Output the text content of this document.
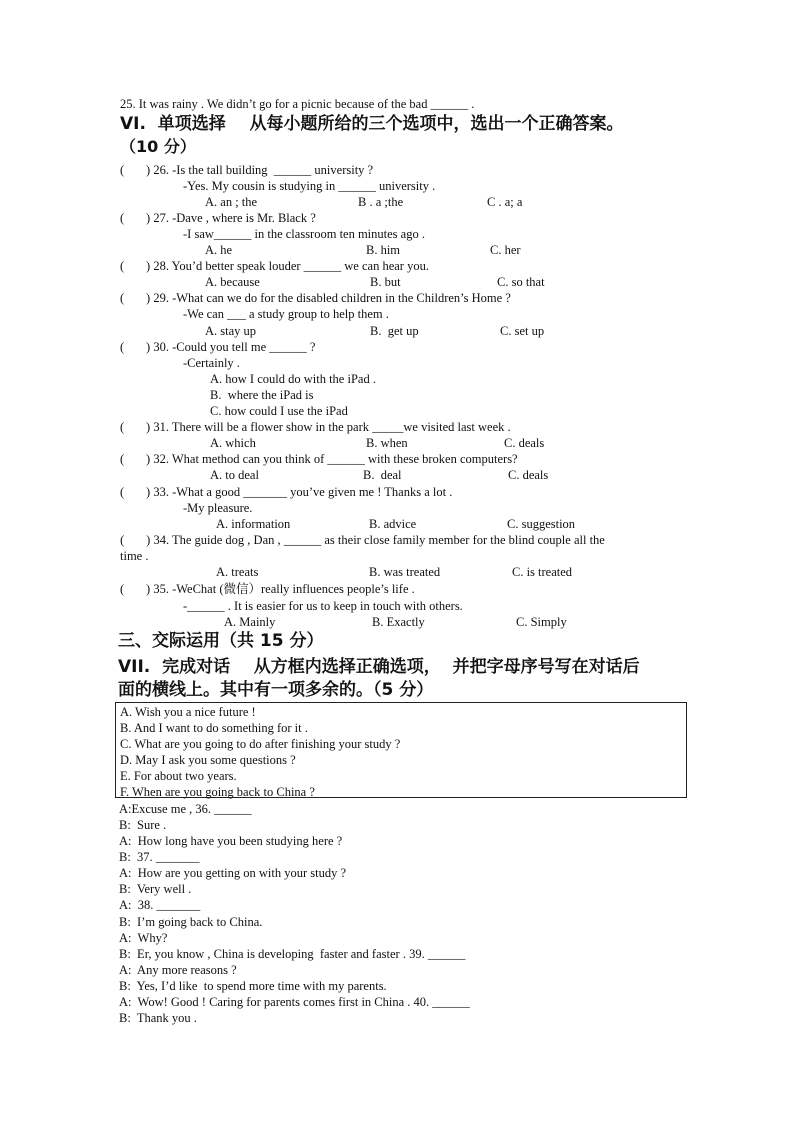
25. It was rainy . We didn’t go for a picnic because of the bad ______ .
VI.  单项选择    从每小题所给的三个选项中，选出一个正确答案。
（10 分）
(       ) 26. -Is the tall building  ______ university ?
-Yes. My cousin is studying in ______ university .
A. an ; the	B . a ;the	C . a; a
(       ) 27. -Dave , where is Mr. Black ?
-I saw______ in the classroom ten minutes ago .
A. he	B. him	C. her
(       ) 28. You’d better speak louder ______ we can hear you.
A. because	B. but	C. so that
(       ) 29. -What can we do for the disabled children in the Children’s Home ?
-We can ___ a study group to help them .
A. stay up	B.  get up	C. set up
(       ) 30. -Could you tell me ______ ?
-Certainly .
A. how I could do with the iPad .
B.  where the iPad is
C. how could I use the iPad
(       ) 31. There will be a flower show in the park _____we visited last week .
A. which	B. when	C. deals
(       ) 32. What method can you think of ______ with these broken computers?
A. to deal	B.  deal	C. deals
(       ) 33. -What a good _______ you’ve given me ! Thanks a lot .
-My pleasure.
A. information	B. advice	C. suggestion
(       ) 34. The guide dog , Dan , ______ as their close family member for the blind couple all the
time .
A. treats	B. was treated	C. is treated
(       ) 35. -WeChat (微信）really influences people’s life .
-______ . It is easier for us to keep in touch with others.
A. Mainly	B. Exactly	C. Simply
三、交际运用（共 15 分）
VII.  完成对话    从方框内选择正确选项，  并把字母序号写在对话后
面的横线上。其中有一项多余的。（5 分）
A. Wish you a nice future !
B. And I want to do something for it .
C. What are you going to do after finishing your study ?
D. May I ask you some questions ?
E. For about two years.
F. When are you going back to China ?
A:Excuse me , 36. ______
B:  Sure .
A:  How long have you been studying here ?
B:  37. _______
A:  How are you getting on with your study ?
B:  Very well .
A:  38. _______
B:  I’m going back to China.
A:  Why?
B:  Er, you know , China is developing  faster and faster . 39. ______
A:  Any more reasons ?
B:  Yes, I’d like  to spend more time with my parents.
A:  Wow! Good ! Caring for parents comes first in China . 40. ______
B:  Thank you .
